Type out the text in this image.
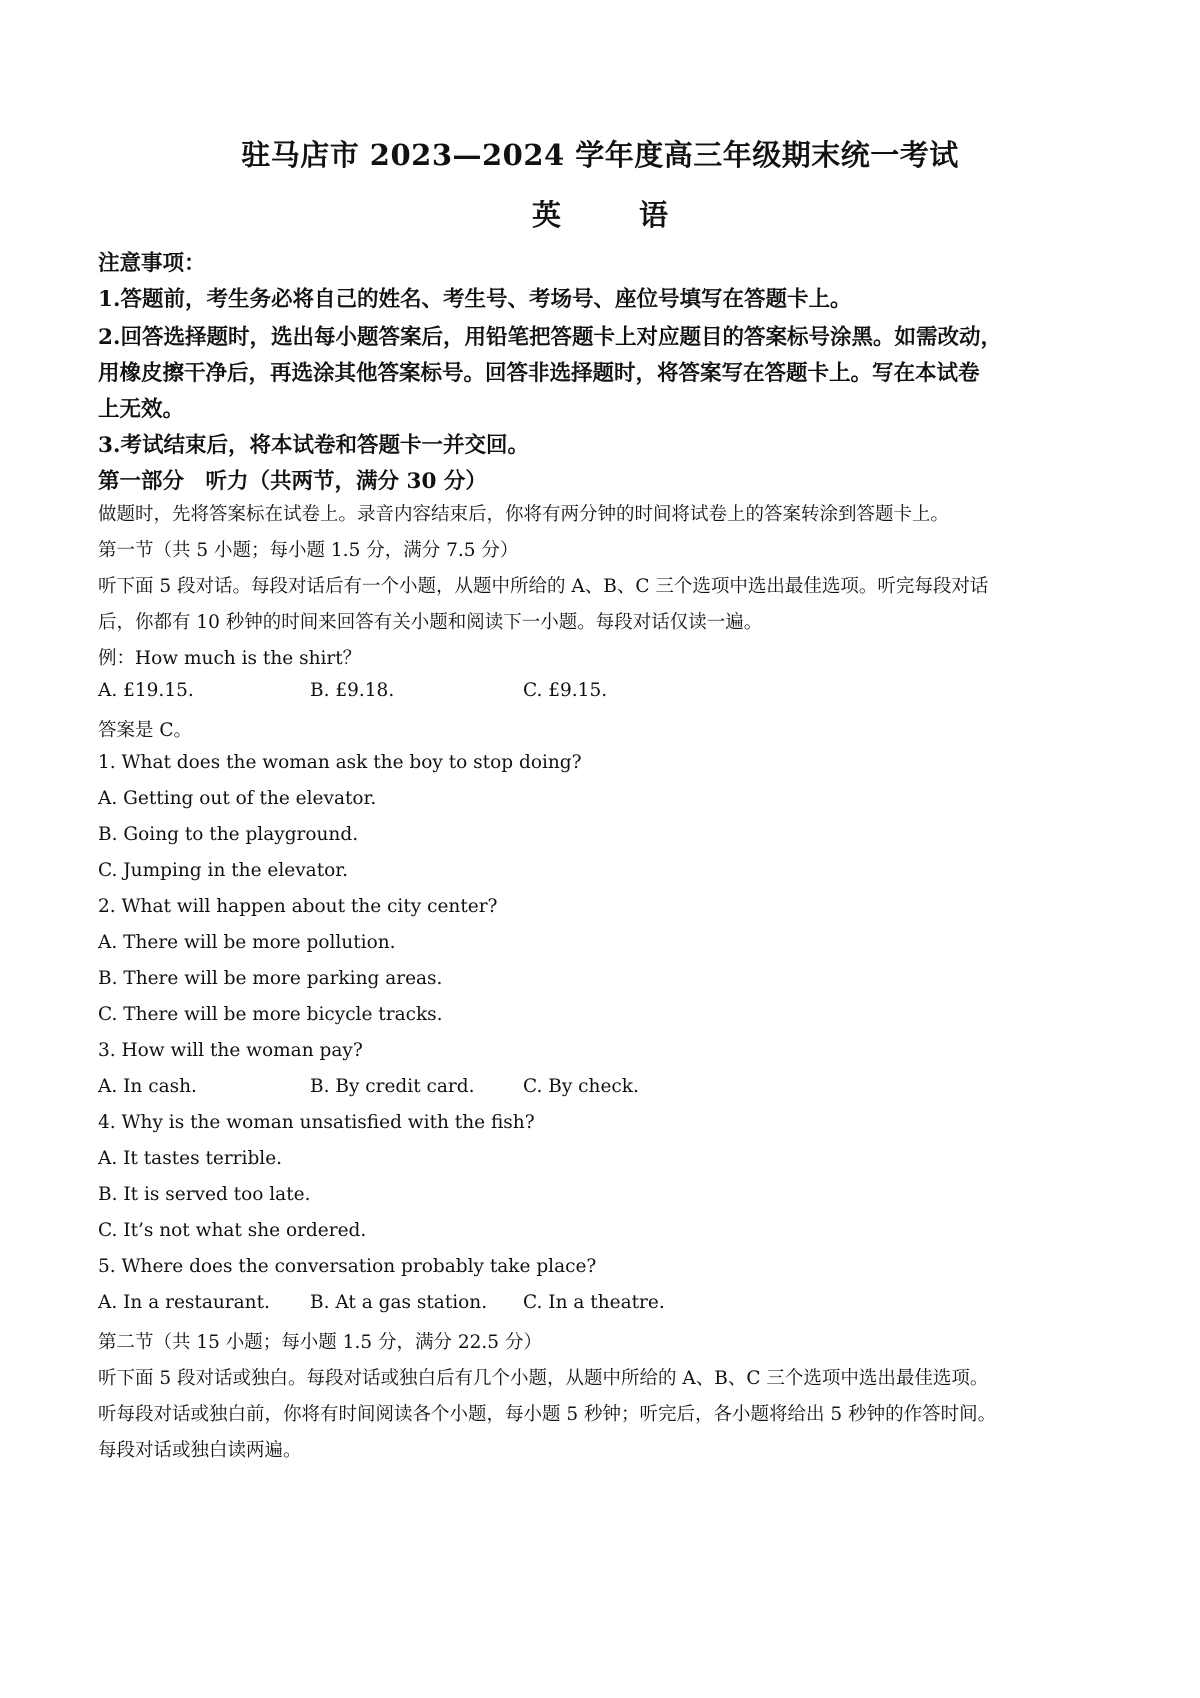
驻马店市 2023—2024 学年度高三年级期末统一考试
英 语
注意事项：
1.答题前，考生务必将自己的姓名、考生号、考场号、座位号填写在答题卡上。
2.回答选择题时，选出每小题答案后，用铅笔把答题卡上对应题目的答案标号涂黑。如需改动，
用橡皮擦干净后，再选涂其他答案标号。回答非选择题时，将答案写在答题卡上。写在本试卷
上无效。
3.考试结束后，将本试卷和答题卡一并交回。
第一部分　听力（共两节，满分 30 分）
做题时，先将答案标在试卷上。录音内容结束后，你将有两分钟的时间将试卷上的答案转涂到答题卡上。
第一节（共 5 小题；每小题 1.5 分，满分 7.5 分）
听下面 5 段对话。每段对话后有一个小题，从题中所给的 A、B、C 三个选项中选出最佳选项。听完每段对话
后，你都有 10 秒钟的时间来回答有关小题和阅读下一小题。每段对话仅读一遍。
例：How much is the shirt？
A. £19.15.	B. £9.18.	C. £9.15.
答案是 C。
1. What does the woman ask the boy to stop doing?
A. Getting out of the elevator.
B. Going to the playground.
C. Jumping in the elevator.
2. What will happen about the city center?
A. There will be more pollution.
B. There will be more parking areas.
C. There will be more bicycle tracks.
3. How will the woman pay?
A. In cash.	B. By credit card.	C. By check.
4. Why is the woman unsatisfied with the fish?
A. It tastes terrible.
B. It is served too late.
C. It’s not what she ordered.
5. Where does the conversation probably take place?
A. In a restaurant. B. At a gas station. C. In a theatre.
第二节（共 15 小题；每小题 1.5 分，满分 22.5 分）
听下面 5 段对话或独白。每段对话或独白后有几个小题，从题中所给的 A、B、C 三个选项中选出最佳选项。
听每段对话或独白前，你将有时间阅读各个小题，每小题 5 秒钟；听完后，各小题将给出 5 秒钟的作答时间。
每段对话或独白读两遍。
